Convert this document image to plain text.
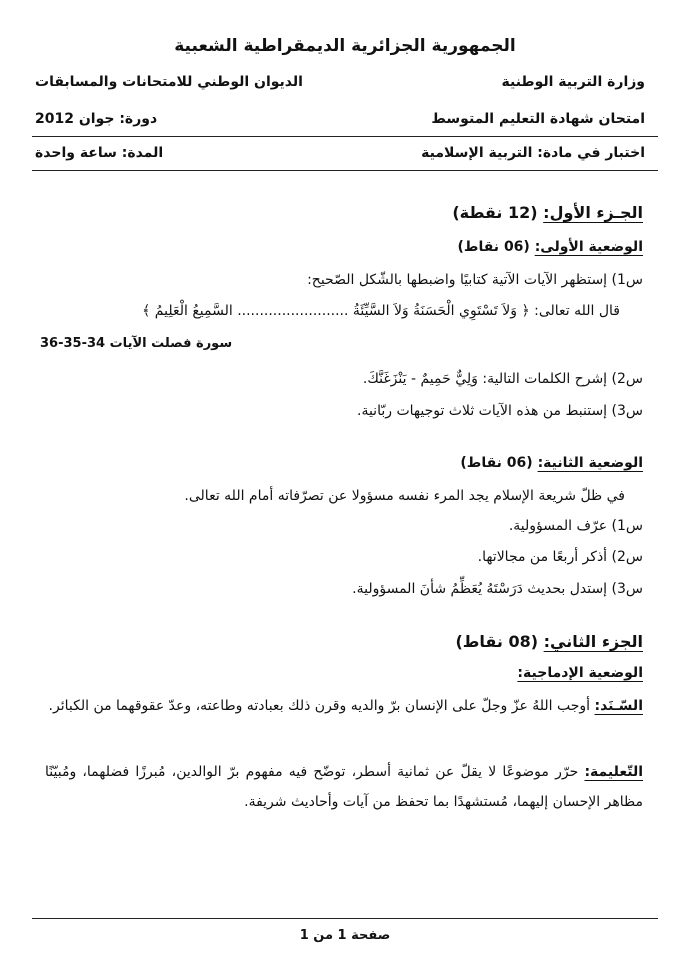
الجمهورية الجزائرية الديمقراطية الشعبية
وزارة التربية الوطنية
الديوان الوطني للامتحانات والمسابقات
امتحان شهادة التعليم المتوسط
دورة: جوان 2012
اختبار في مادة: التربية الإسلامية
المدة: ساعة واحدة
الجـزء الأول: (12 نقطة)
الوضعية الأولى: (06 نقاط)
س1) إستظهر الآيات الآتية كتابيًا واضبطها بالشّكل الصّحيح:
قال الله تعالى: ﴿ وَلاَ تَسْتَوِي الْحَسَنَةُ وَلاَ السَّيِّئَةُ ......................... السَّمِيعُ الْعَلِيمُ ﴾
سورة فصلت الآيات 34-35-36
س2) إشرح الكلمات التالية: وَلِيٌّ حَمِيمٌ - يَنْزَغَنَّكَ.
س3) إستنبط من هذه الآيات ثلاث توجيهات ربّانية.
الوضعية الثانية: (06 نقاط)
في ظلّ شريعة الإسلام يجد المرء نفسه مسؤولا عن تصرّفاته أمام الله تعالى.
س1) عرّف المسؤولية.
س2) أذكر أربعًا من مجالاتها.
س3) إستدل بحديث دَرَسْتَهُ يُعَظِّمُ شأنَ المسؤولية.
الجزء الثاني: (08 نقاط)
الوضعية الإدماجية:
السّـنَد: أوجب اللهُ عزّ وجلّ على الإنسان برّ والديه وقرن ذلك بعبادته وطاعته، وعدّ عقوقهما من الكبائر.
التّعليمة: حرّر موضوعًا لا يقلّ عن ثمانية أسطر، توضّح فيه مفهوم برّ الوالدين، مُبرزًا فضلهما، ومُبيّنًا مظاهر الإحسان إليهما، مُستشهدًا بما تحفظ من آيات وأحاديث شريفة.
صفحة 1 من 1
